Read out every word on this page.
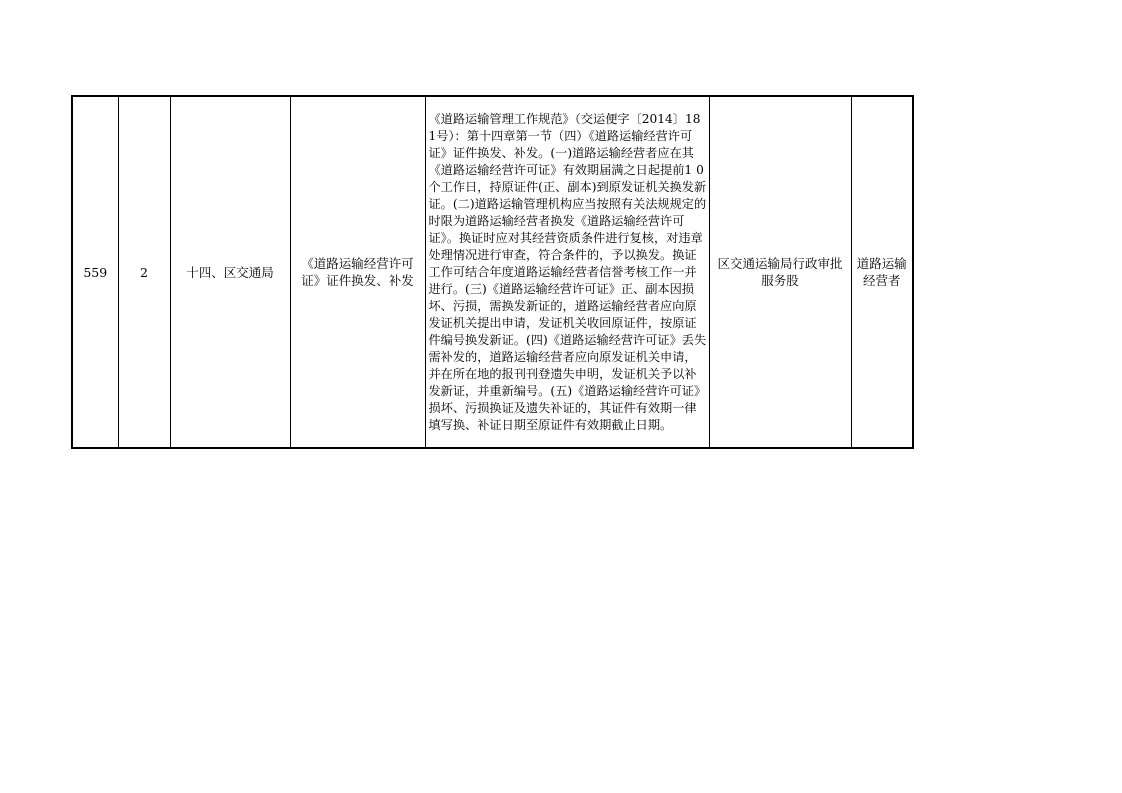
559	2	十四、区交通局	《道路运输经营许可证》证件换发、补发	《道路运输管理工作规范》（交运便字〔2014〕181号）：第十四章第一节（四）《道路运输经营许可证》证件换发、补发。(一)道路运输经营者应在其《道路运输经营许可证》有效期届满之日起提前1 0个工作日，持原证件(正、副本)到原发证机关换发新证。(二)道路运输管理机构应当按照有关法规规定的时限为道路运输经营者换发《道路运输经营许可证》。换证时应对其经营资质条件进行复核，对违章处理情况进行审查，符合条件的，予以换发。换证工作可结合年度道路运输经营者信誉考核工作一并进行。(三)《道路运输经营许可证》正、副本因损坏、污损，需换发新证的，道路运输经营者应向原发证机关提出申请，发证机关收回原证件，按原证件编号换发新证。(四)《道路运输经营许可证》丢失需补发的，道路运输经营者应向原发证机关申请，并在所在地的报刊刊登遗失申明，发证机关予以补发新证，并重新编号。(五)《道路运输经营许可证》损坏、污损换证及遗失补证的，其证件有效期一律填写换、补证日期至原证件有效期截止日期。	区交通运输局行政审批服务股	道路运输经营者
